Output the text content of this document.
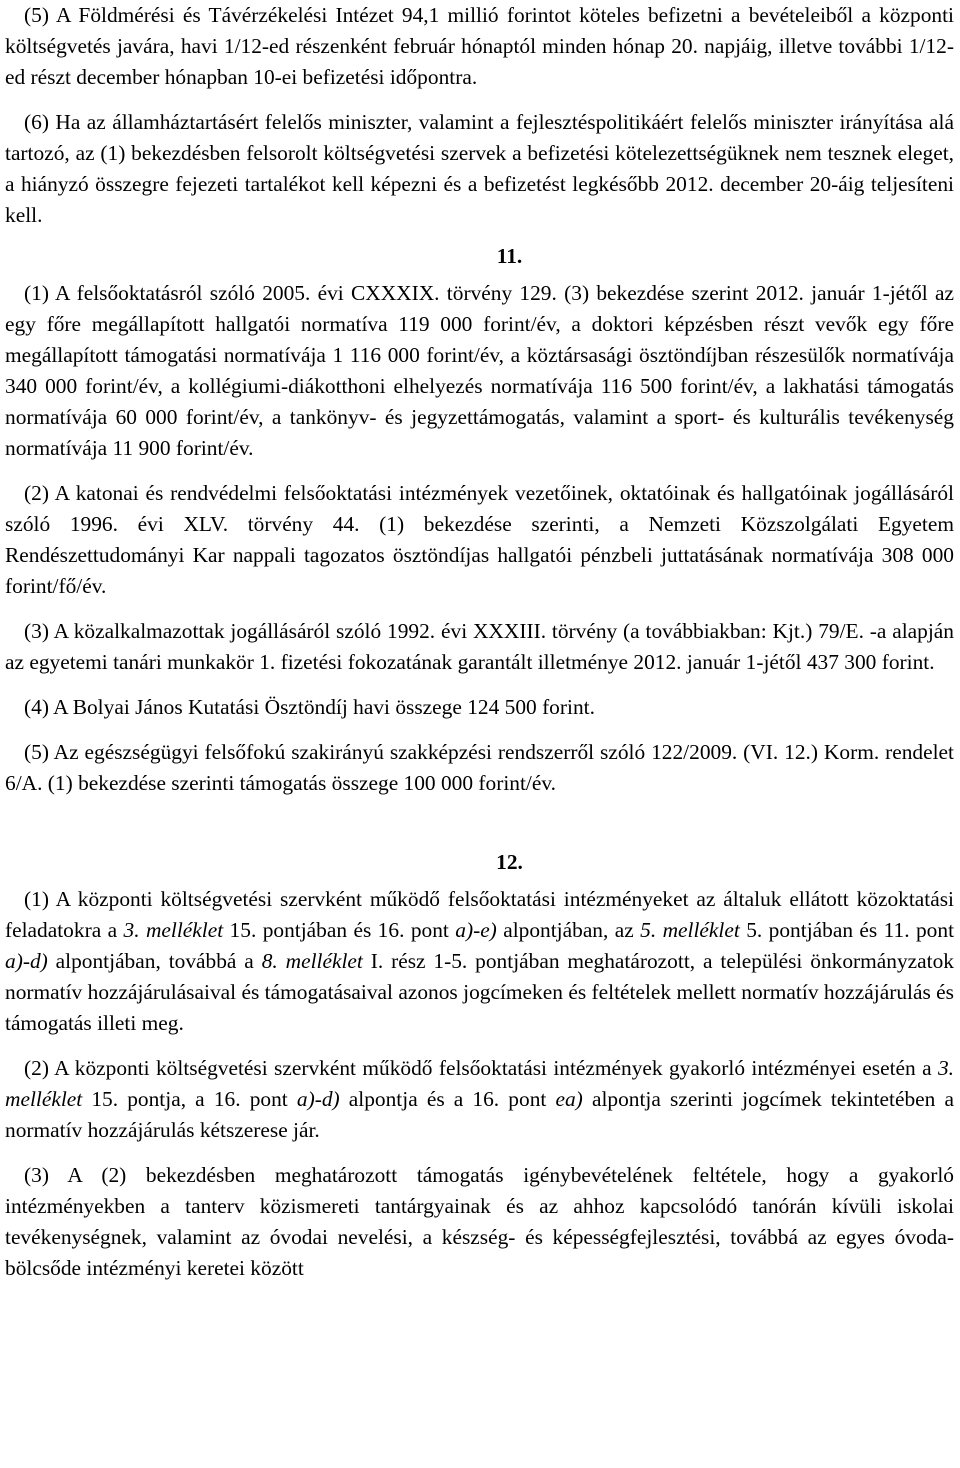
(5) A Földmérési és Távérzékelési Intézet 94,1 millió forintot köteles befizetni a bevételeiből a központi költségvetés javára, havi 1/12-ed részenként február hónaptól minden hónap 20. napjáig, illetve további 1/12-ed részt december hónapban 10-ei befizetési időpontra.

(6) Ha az államháztartásért felelős miniszter, valamint a fejlesztéspolitikáért felelős miniszter irányítása alá tartozó, az (1) bekezdésben felsorolt költségvetési szervek a befizetési kötelezettségüknek nem tesznek eleget, a hiányzó összegre fejezeti tartalékot kell képezni és a befizetést legkésőbb 2012. december 20-áig teljesíteni kell.

11.

(1) A felsőoktatásról szóló 2005. évi CXXXIX. törvény 129. (3) bekezdése szerint 2012. január 1-jétől az egy főre megállapított hallgatói normatíva 119 000 forint/év, a doktori képzésben részt vevők egy főre megállapított támogatási normatívája 1 116 000 forint/év, a köztársasági ösztöndíjban részesülők normatívája 340 000 forint/év, a kollégiumi-diákotthoni elhelyezés normatívája 116 500 forint/év, a lakhatási támogatás normatívája 60 000 forint/év, a tankönyv- és jegyzettámogatás, valamint a sport- és kulturális tevékenység normatívája 11 900 forint/év.

(2) A katonai és rendvédelmi felsőoktatási intézmények vezetőinek, oktatóinak és hallgatóinak jogállásáról szóló 1996. évi XLV. törvény 44. (1) bekezdése szerinti, a Nemzeti Közszolgálati Egyetem Rendészettudományi Kar nappali tagozatos ösztöndíjas hallgatói pénzbeli juttatásának normatívája 308 000 forint/fő/év.

(3) A közalkalmazottak jogállásáról szóló 1992. évi XXXIII. törvény (a továbbiakban: Kjt.) 79/E. -a alapján az egyetemi tanári munkakör 1. fizetési fokozatának garantált illetménye 2012. január 1-jétől 437 300 forint.

(4) A Bolyai János Kutatási Ösztöndíj havi összege 124 500 forint.

(5) Az egészségügyi felsőfokú szakirányú szakképzési rendszerről szóló 122/2009. (VI. 12.) Korm. rendelet 6/A. (1) bekezdése szerinti támogatás összege 100 000 forint/év.

12.

(1) A központi költségvetési szervként működő felsőoktatási intézményeket az általuk ellátott közoktatási feladatokra a 3. melléklet 15. pontjában és 16. pont a)-e) alpontjában, az 5. melléklet 5. pontjában és 11. pont a)-d) alpontjában, továbbá a 8. melléklet I. rész 1-5. pontjában meghatározott, a települési önkormányzatok normatív hozzájárulásaival és támogatásaival azonos jogcímeken és feltételek mellett normatív hozzájárulás és támogatás illeti meg.

(2) A központi költségvetési szervként működő felsőoktatási intézmények gyakorló intézményei esetén a 3. melléklet 15. pontja, a 16. pont a)-d) alpontja és a 16. pont ea) alpontja szerinti jogcímek tekintetében a normatív hozzájárulás kétszerese jár.

(3) A (2) bekezdésben meghatározott támogatás igénybevételének feltétele, hogy a gyakorló intézményekben a tanterv közismereti tantárgyainak és az ahhoz kapcsolódó tanórán kívüli iskolai tevékenységnek, valamint az óvodai nevelési, a készség- és képességfejlesztési, továbbá az egyes óvoda-bölcsőde intézményi keretei között
